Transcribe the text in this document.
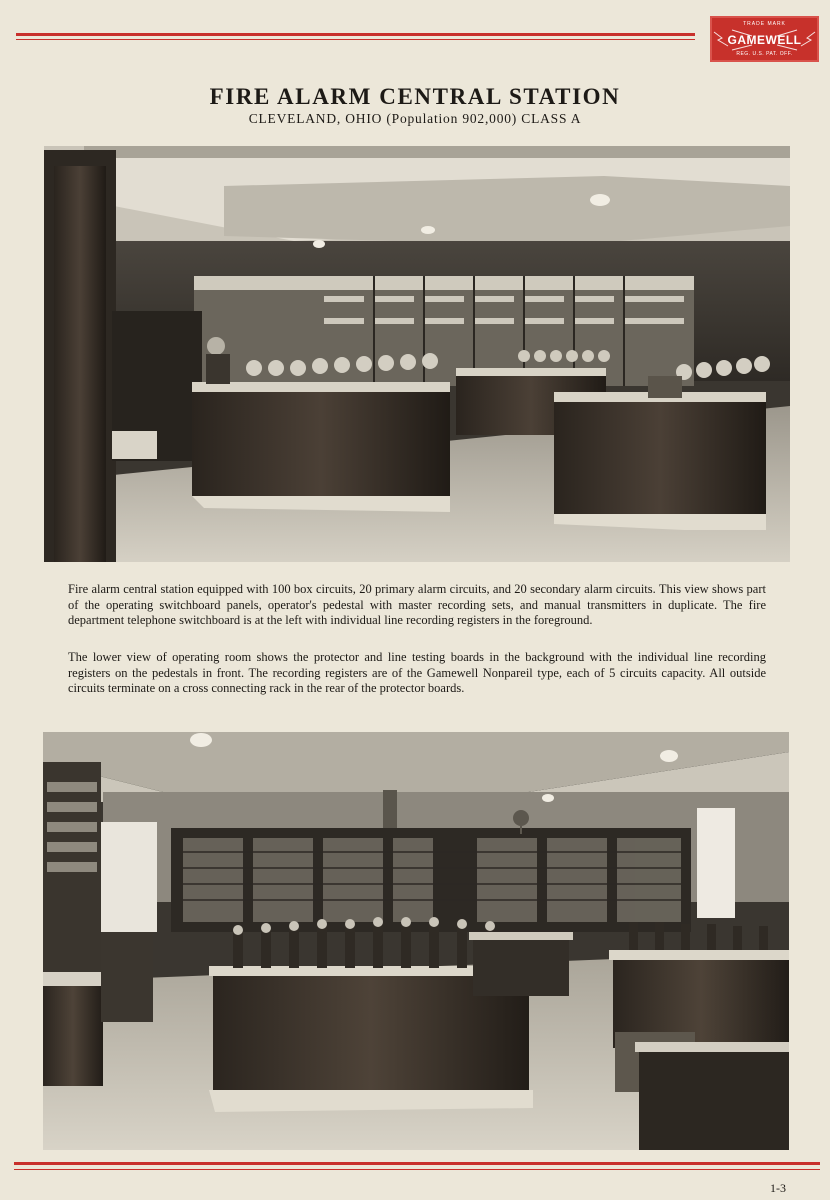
TRADE MARK
GAMEWELL
REG. U.S. PAT. OFF.
FIRE ALARM CENTRAL STATION
CLEVELAND, OHIO (Population 902,000) CLASS A
Fire alarm central station equipped with 100 box circuits, 20 primary alarm circuits, and 20 secondary alarm circuits. This view shows part of the operating switchboard panels, operator's pedestal with master recording sets, and manual transmitters in duplicate. The fire department telephone switchboard is at the left with individual line recording registers in the foreground.
The lower view of operating room shows the protector and line testing boards in the background with the individual line recording registers on the pedestals in front. The recording registers are of the Gamewell Nonpareil type, each of 5 circuits capacity. All outside circuits terminate on a cross connecting rack in the rear of the protector boards.
1-3
